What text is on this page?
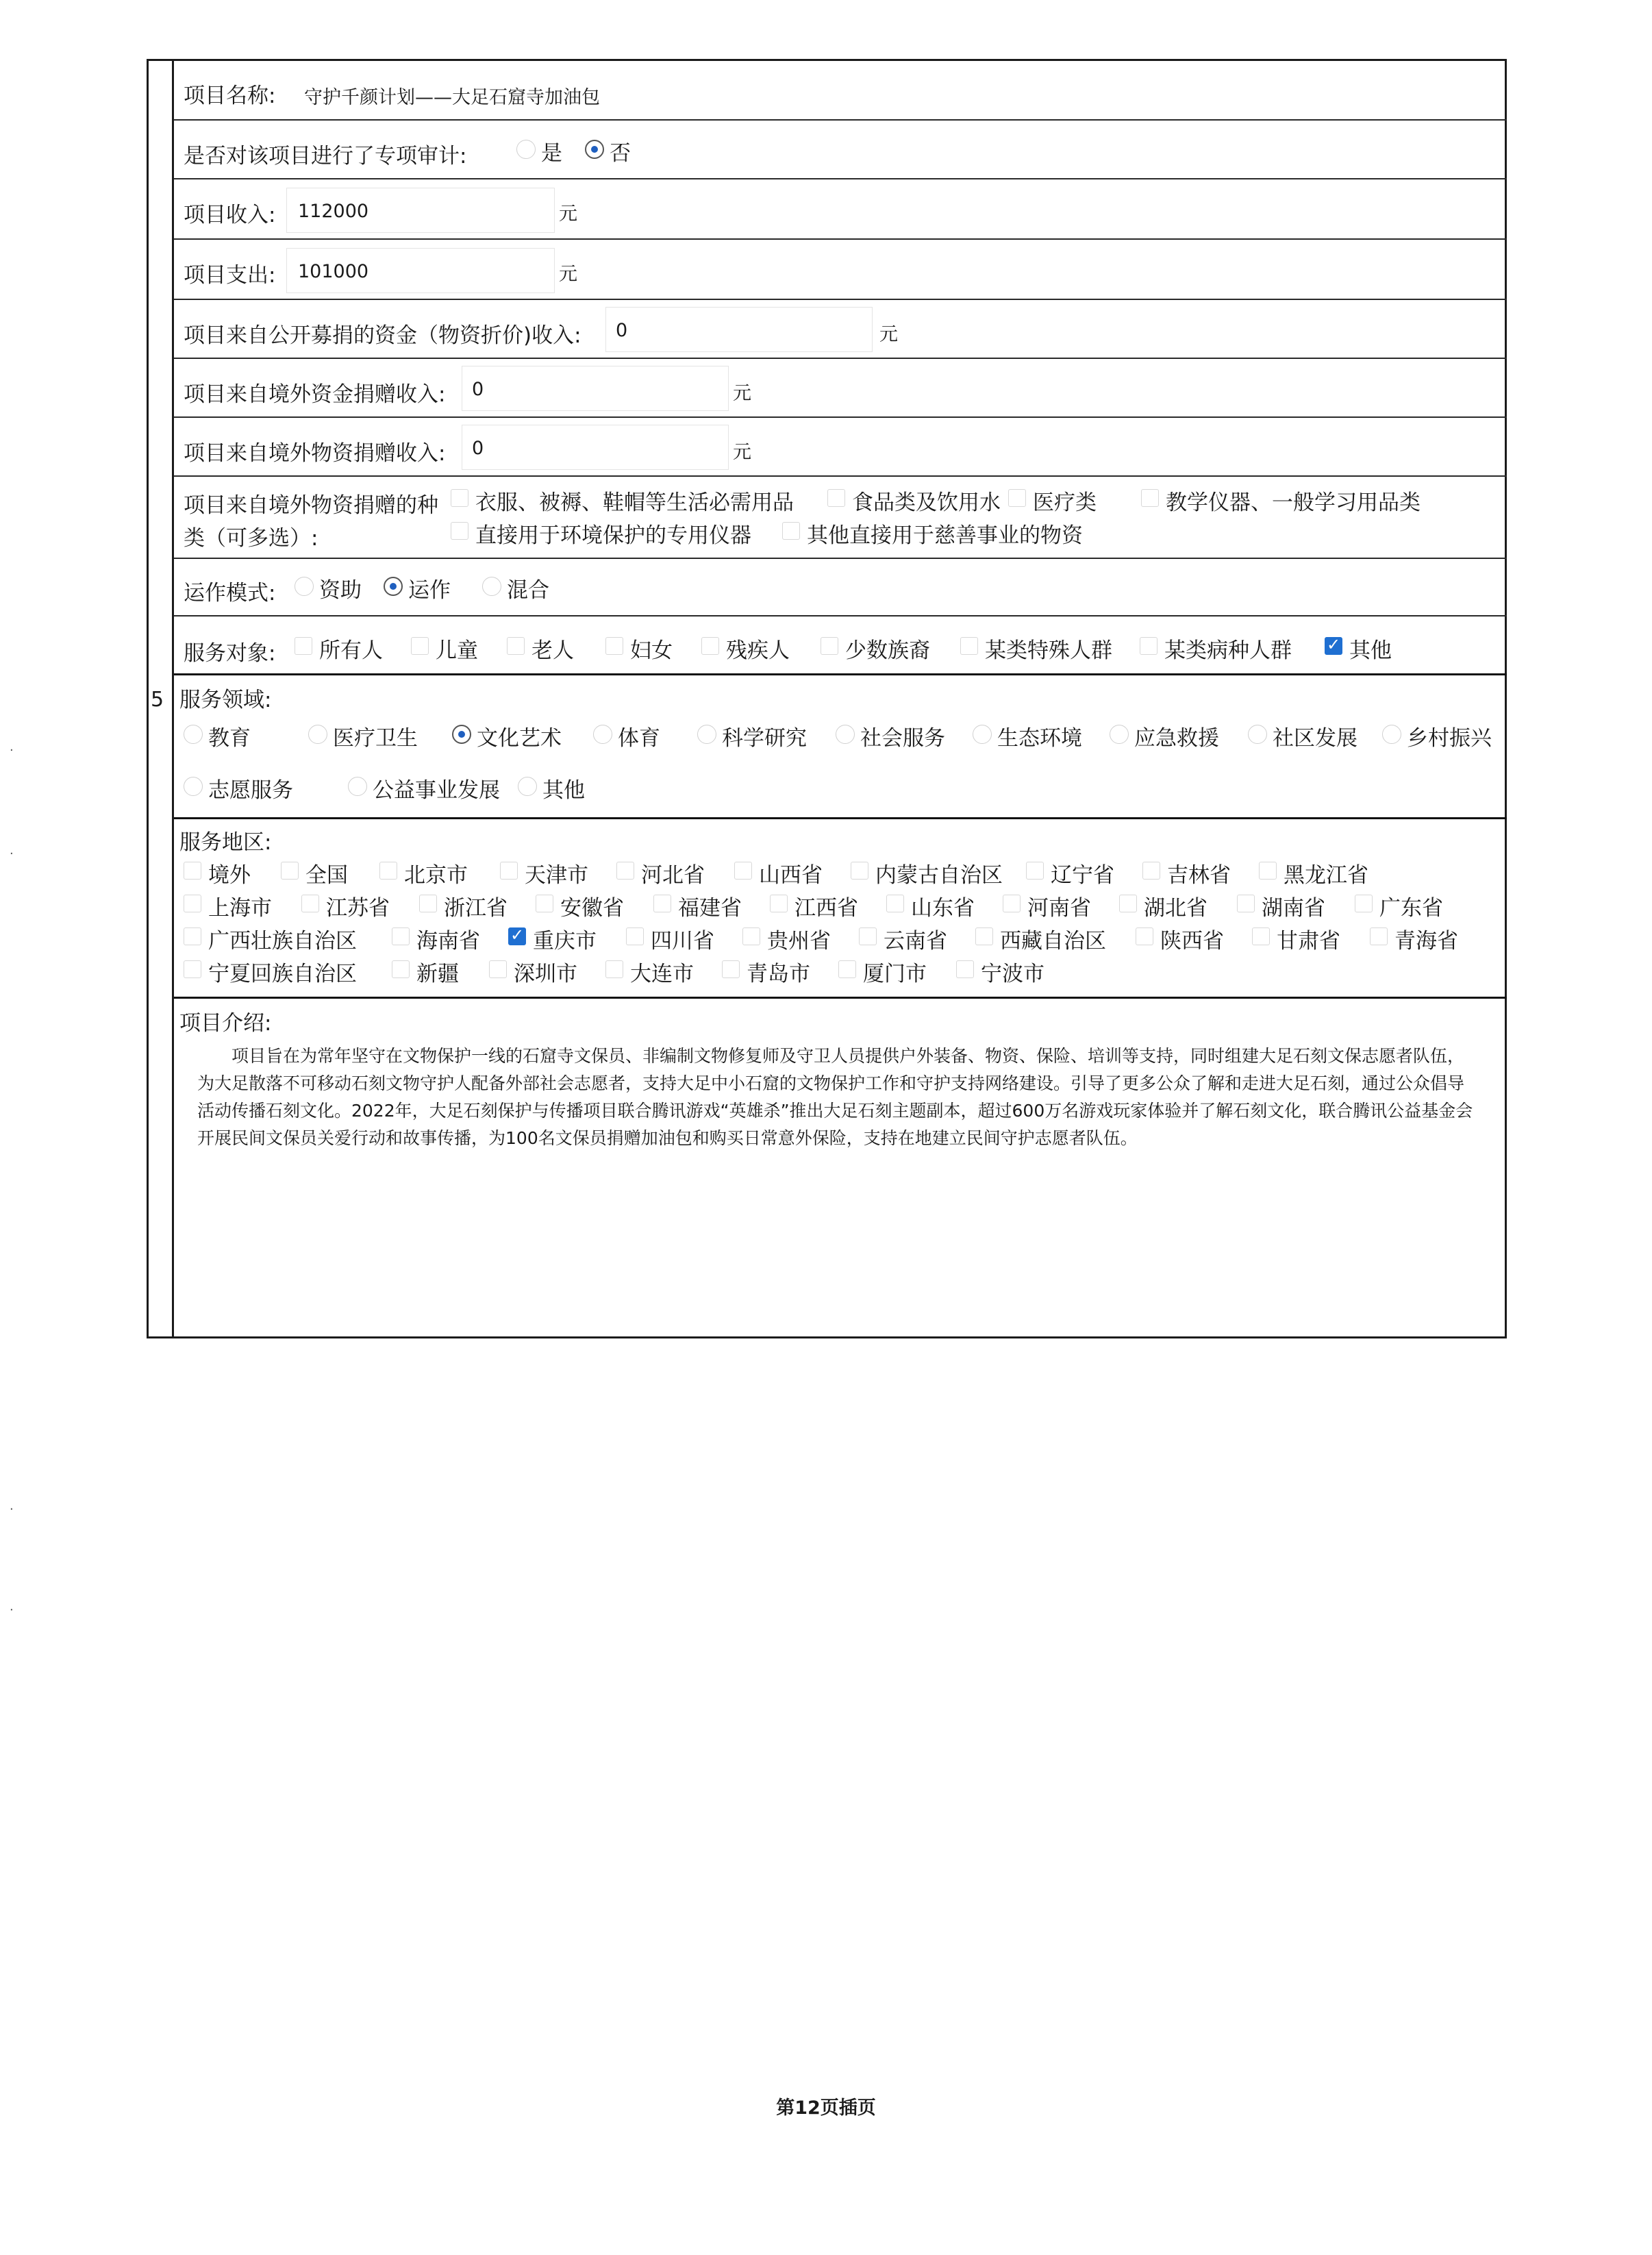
5
项目名称: 守护千颜计划——大足石窟寺加油包
是否对该项目进行了专项审计:	是 否
项目收入: 112000	元
项目支出: 101000	元
项目来自公开募捐的资金（物资折价)收入: 0	元
项目来自境外资金捐赠收入: 0	元
项目来自境外物资捐赠收入: 0	元
项目来自境外物资捐赠的种
类（可多选）:
衣服、被褥、鞋帽等生活必需用品	食品类及饮用水 医疗类	教学仪器、一般学习用品类
直接用于环境保护的专用仪器	其他直接用于慈善事业的物资
运作模式: 资助 运作	混合
服务对象: 所有人 儿童	老人	妇女	残疾人	少数族裔	某类特殊人群 某类病种人群 ✓	其他
服务领域:
教育	医疗卫生	文化艺术	体育	科学研究	社会服务 生态环境 应急救援	社区发展 乡村振兴
志愿服务	公益事业发展 其他
服务地区:
境外	全国	北京市	天津市 河北省	山西省 内蒙古自治区 辽宁省 吉林省 黑龙江省
上海市	江苏省	浙江省 安徽省	福建省 江西省 山东省 河南省 湖北省	湖南省	广东省
广西壮族自治区	海南省 ✓ 重庆市	四川省 贵州省 云南省 西藏自治区	陕西省 甘肃省	青海省
宁夏回族自治区	新疆	深圳市 大连市 青岛市 厦门市	宁波市
项目介绍:
项目旨在为常年坚守在文物保护一线的石窟寺文保员、非编制文物修复师及守卫人员提供户外装备、物资、保险、培训等支持，同时组建大足石刻文保志愿者队伍，为大足散落不可移动石刻文物守护人配备外部社会志愿者，支持大足中小石窟的文物保护工作和守护支持网络建设。引导了更多公众了解和走进大足石刻，通过公众倡导活动传播石刻文化。2022年，大足石刻保护与传播项目联合腾讯游戏“英雄杀”推出大足石刻主题副本，超过600万名游戏玩家体验并了解石刻文化，联合腾讯公益基金会开展民间文保员关爱行动和故事传播，为100名文保员捐赠加油包和购买日常意外保险，支持在地建立民间守护志愿者队伍。
·
·
·
·
第12页插页
